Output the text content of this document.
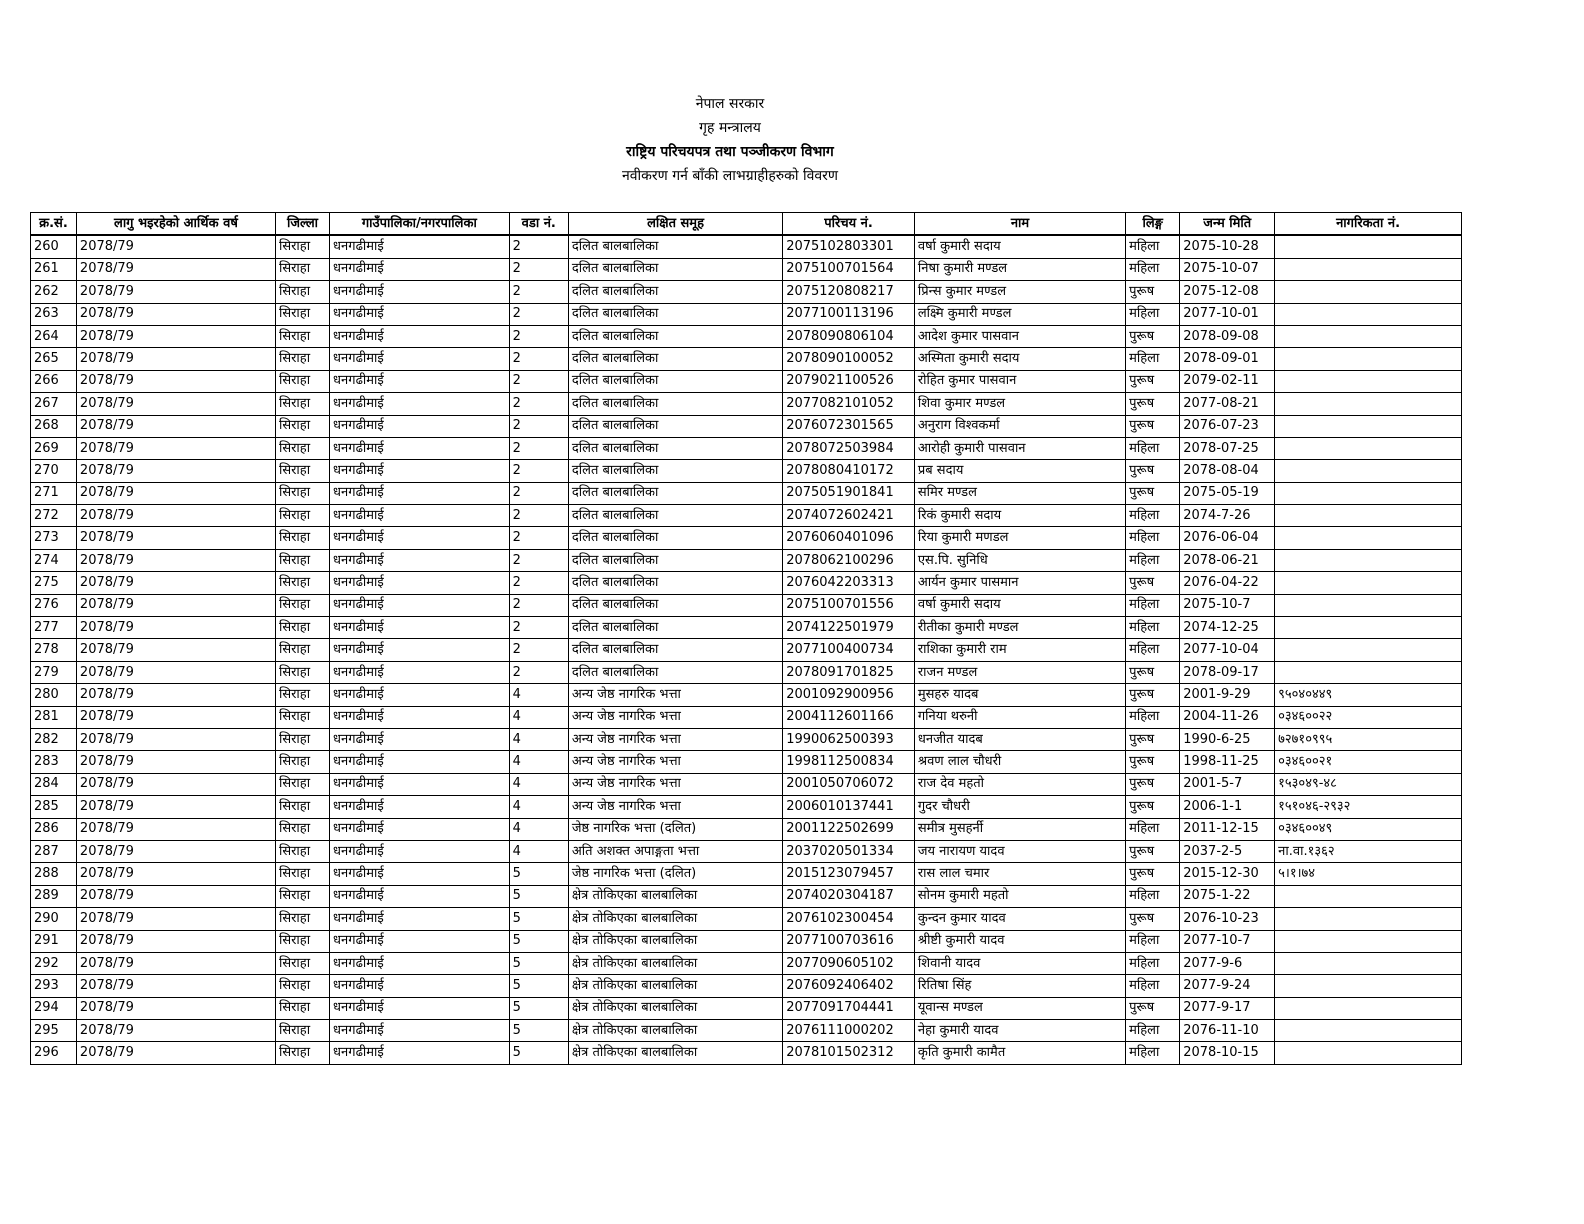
नेपाल सरकार
गृह मन्त्रालय
राष्ट्रिय परिचयपत्र तथा पञ्जीकरण विभाग
नवीकरण गर्न बाँकी लाभग्राहीहरुको विवरण
क्र.सं.	लागु भइरहेको आर्थिक वर्ष	जिल्ला	गाउँपालिका/नगरपालिका	वडा नं.	लक्षित समूह	परिचय नं.	नाम	लिङ्ग	जन्म मिति	नागरिकता नं.
260	2078/79	सिराहा	धनगढीमाई	2	दलित बालबालिका	2075102803301	वर्षा कुमारी सदाय	महिला	2075-10-28	
261	2078/79	सिराहा	धनगढीमाई	2	दलित बालबालिका	2075100701564	निषा कुमारी मण्डल	महिला	2075-10-07	
262	2078/79	सिराहा	धनगढीमाई	2	दलित बालबालिका	2075120808217	प्रिन्स कुमार मण्डल	पुरूष	2075-12-08	
263	2078/79	सिराहा	धनगढीमाई	2	दलित बालबालिका	2077100113196	लक्ष्मि कुमारी मण्डल	महिला	2077-10-01	
264	2078/79	सिराहा	धनगढीमाई	2	दलित बालबालिका	2078090806104	आदेश कुमार पासवान	पुरूष	2078-09-08	
265	2078/79	सिराहा	धनगढीमाई	2	दलित बालबालिका	2078090100052	अस्मिता कुमारी सदाय	महिला	2078-09-01	
266	2078/79	सिराहा	धनगढीमाई	2	दलित बालबालिका	2079021100526	रोहित कुमार पासवान	पुरूष	2079-02-11	
267	2078/79	सिराहा	धनगढीमाई	2	दलित बालबालिका	2077082101052	शिवा कुमार मण्डल	पुरूष	2077-08-21	
268	2078/79	सिराहा	धनगढीमाई	2	दलित बालबालिका	2076072301565	अनुराग विश्वकर्मा	पुरूष	2076-07-23	
269	2078/79	सिराहा	धनगढीमाई	2	दलित बालबालिका	2078072503984	आरोही कुमारी पासवान	महिला	2078-07-25	
270	2078/79	सिराहा	धनगढीमाई	2	दलित बालबालिका	2078080410172	प्रब सदाय	पुरूष	2078-08-04	
271	2078/79	सिराहा	धनगढीमाई	2	दलित बालबालिका	2075051901841	समिर मण्डल	पुरूष	2075-05-19	
272	2078/79	सिराहा	धनगढीमाई	2	दलित बालबालिका	2074072602421	रिकं कुमारी सदाय	महिला	2074-7-26	
273	2078/79	सिराहा	धनगढीमाई	2	दलित बालबालिका	2076060401096	रिया कुमारी मणडल	महिला	2076-06-04	
274	2078/79	सिराहा	धनगढीमाई	2	दलित बालबालिका	2078062100296	एस.पि. सुनिधि	महिला	2078-06-21	
275	2078/79	सिराहा	धनगढीमाई	2	दलित बालबालिका	2076042203313	आर्यन कुमार पासमान	पुरूष	2076-04-22	
276	2078/79	सिराहा	धनगढीमाई	2	दलित बालबालिका	2075100701556	वर्षा कुमारी सदाय	महिला	2075-10-7	
277	2078/79	सिराहा	धनगढीमाई	2	दलित बालबालिका	2074122501979	रीतीका कुमारी मण्डल	महिला	2074-12-25	
278	2078/79	सिराहा	धनगढीमाई	2	दलित बालबालिका	2077100400734	राशिका कुमारी राम	महिला	2077-10-04	
279	2078/79	सिराहा	धनगढीमाई	2	दलित बालबालिका	2078091701825	राजन मण्डल	पुरूष	2078-09-17	
280	2078/79	सिराहा	धनगढीमाई	4	अन्य जेष्ठ नागरिक भत्ता	2001092900956	मुसहरु यादब	पुरूष	2001-9-29	९५०४०४४९
281	2078/79	सिराहा	धनगढीमाई	4	अन्य जेष्ठ नागरिक भत्ता	2004112601166	गनिया थरुनी	महिला	2004-11-26	०३४६००२२
282	2078/79	सिराहा	धनगढीमाई	4	अन्य जेष्ठ नागरिक भत्ता	1990062500393	धनजीत यादब	पुरूष	1990-6-25	७२७१०९९५
283	2078/79	सिराहा	धनगढीमाई	4	अन्य जेष्ठ नागरिक भत्ता	1998112500834	श्रवण लाल चौधरी	पुरूष	1998-11-25	०३४६००२१
284	2078/79	सिराहा	धनगढीमाई	4	अन्य जेष्ठ नागरिक भत्ता	2001050706072	राज देव महतो	पुरूष	2001-5-7	१५३०४९-४८
285	2078/79	सिराहा	धनगढीमाई	4	अन्य जेष्ठ नागरिक भत्ता	2006010137441	गुदर चौधरी	पुरूष	2006-1-1	१५१०४६-२९३२
286	2078/79	सिराहा	धनगढीमाई	4	जेष्ठ नागरिक भत्ता (दलित)	2001122502699	समीत्र मुसहर्नी	महिला	2011-12-15	०३४६००४९
287	2078/79	सिराहा	धनगढीमाई	4	अति अशक्त अपाङ्गता भत्ता	2037020501334	जय नारायण यादव	पुरूष	2037-2-5	ना.वा.१३६२
288	2078/79	सिराहा	धनगढीमाई	5	जेष्ठ नागरिक भत्ता (दलित)	2015123079457	रास लाल चमार	पुरूष	2015-12-30	५।१।७४
289	2078/79	सिराहा	धनगढीमाई	5	क्षेत्र तोकिएका बालबालिका	2074020304187	सोनम कुमारी महतो	महिला	2075-1-22	
290	2078/79	सिराहा	धनगढीमाई	5	क्षेत्र तोकिएका बालबालिका	2076102300454	कुन्दन कुमार यादव	पुरूष	2076-10-23	
291	2078/79	सिराहा	धनगढीमाई	5	क्षेत्र तोकिएका बालबालिका	2077100703616	श्रीष्टी कुमारी यादव	महिला	2077-10-7	
292	2078/79	सिराहा	धनगढीमाई	5	क्षेत्र तोकिएका बालबालिका	2077090605102	शिवानी यादव	महिला	2077-9-6	
293	2078/79	सिराहा	धनगढीमाई	5	क्षेत्र तोकिएका बालबालिका	2076092406402	रितिषा सिंह	महिला	2077-9-24	
294	2078/79	सिराहा	धनगढीमाई	5	क्षेत्र तोकिएका बालबालिका	2077091704441	यूवान्स मण्डल	पुरूष	2077-9-17	
295	2078/79	सिराहा	धनगढीमाई	5	क्षेत्र तोकिएका बालबालिका	2076111000202	नेहा कुमारी यादव	महिला	2076-11-10	
296	2078/79	सिराहा	धनगढीमाई	5	क्षेत्र तोकिएका बालबालिका	2078101502312	कृति कुमारी कामैत	महिला	2078-10-15	
